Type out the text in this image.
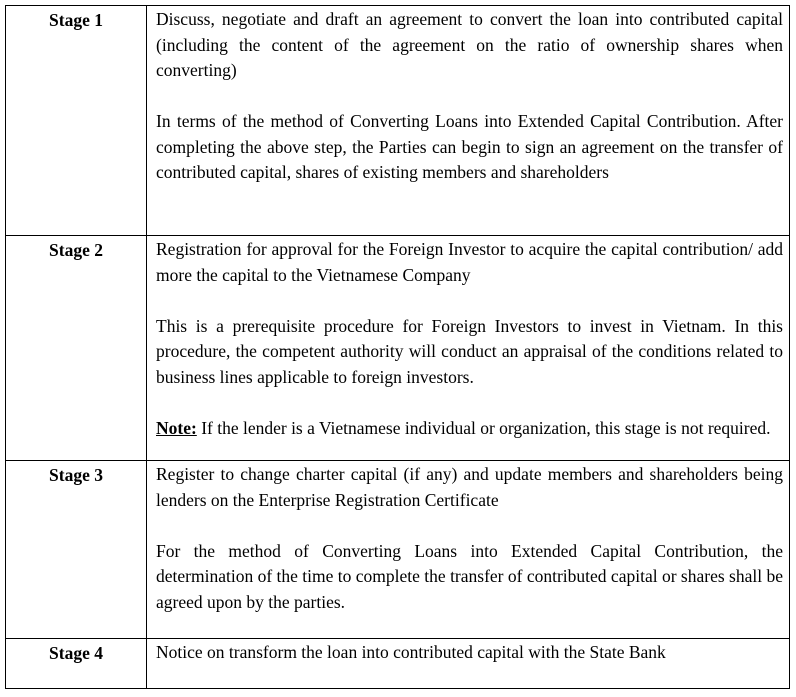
Stage 1	Discuss, negotiate and draft an agreement to convert the loan into contributed capital (including the content of the agreement on the ratio of ownership shares when converting)

In terms of the method of Converting Loans into Extended Capital Contribution. After completing the above step, the Parties can begin to sign an agreement on the transfer of contributed capital, shares of existing members and shareholders

Stage 2	Registration for approval for the Foreign Investor to acquire the capital contribution/ add more the capital to the Vietnamese Company

This is a prerequisite procedure for Foreign Investors to invest in Vietnam. In this procedure, the competent authority will conduct an appraisal of the conditions related to business lines applicable to foreign investors.

Note: If the lender is a Vietnamese individual or organization, this stage is not required.

Stage 3	Register to change charter capital (if any) and update members and shareholders being lenders on the Enterprise Registration Certificate

For the method of Converting Loans into Extended Capital Contribution, the determination of the time to complete the transfer of contributed capital or shares shall be agreed upon by the parties.

Stage 4	Notice on transform the loan into contributed capital with the State Bank
